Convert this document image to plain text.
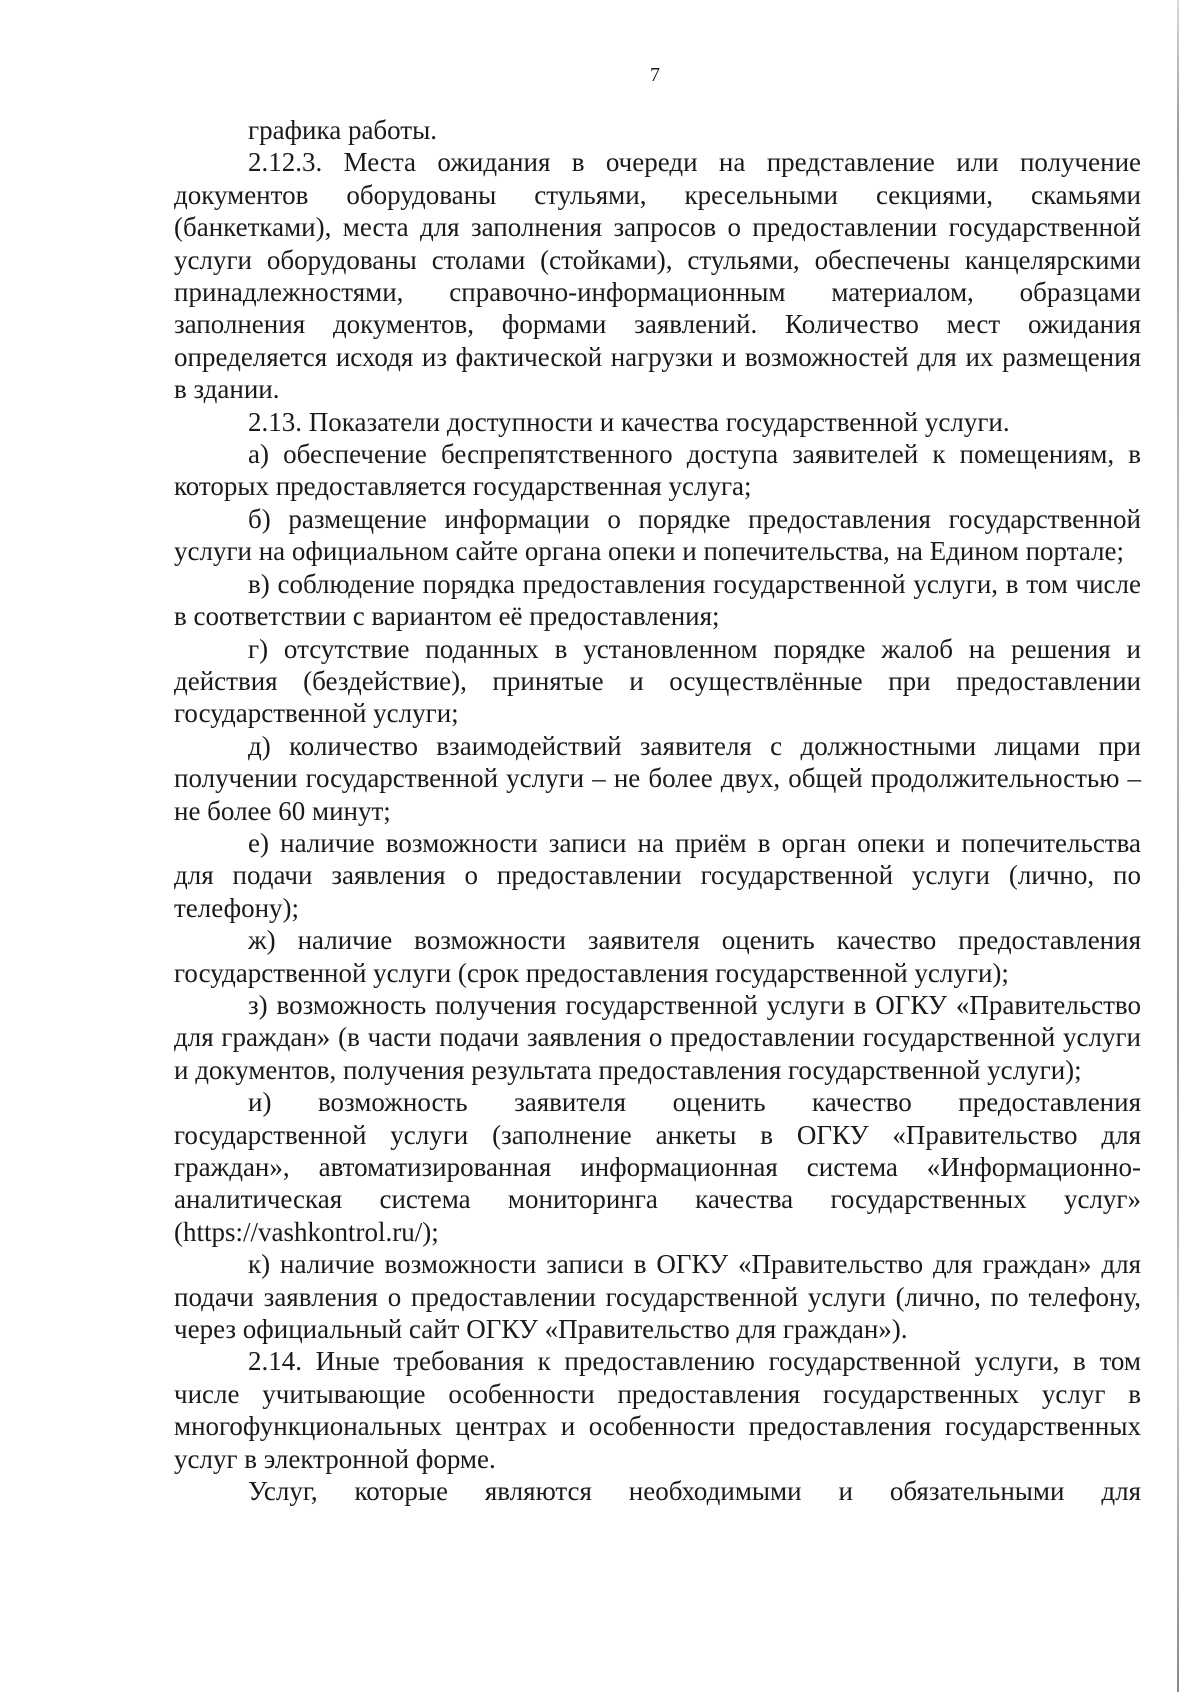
7

графика работы.

2.12.3. Места ожидания в очереди на представление или получение документов оборудованы стульями, кресельными секциями, скамьями (банкетками), места для заполнения запросов о предоставлении государственной услуги оборудованы столами (стойками), стульями, обеспечены канцелярскими принадлежностями, справочно-информационным материалом, образцами заполнения документов, формами заявлений. Количество мест ожидания определяется исходя из фактической нагрузки и возможностей для их размещения в здании.

2.13. Показатели доступности и качества государственной услуги.

а) обеспечение беспрепятственного доступа заявителей к помещениям, в которых предоставляется государственная услуга;

б) размещение информации о порядке предоставления государственной услуги на официальном сайте органа опеки и попечительства, на Едином портале;

в) соблюдение порядка предоставления государственной услуги, в том числе в соответствии с вариантом её предоставления;

г) отсутствие поданных в установленном порядке жалоб на решения и действия (бездействие), принятые и осуществлённые при предоставлении государственной услуги;

д) количество взаимодействий заявителя с должностными лицами при получении государственной услуги – не более двух, общей продолжительностью – не более 60 минут;

е) наличие возможности записи на приём в орган опеки и попечительства для подачи заявления о предоставлении государственной услуги (лично, по телефону);

ж) наличие возможности заявителя оценить качество предоставления государственной услуги (срок предоставления государственной услуги);

з) возможность получения государственной услуги в ОГКУ «Правительство для граждан» (в части подачи заявления о предоставлении государственной услуги и документов, получения результата предоставления государственной услуги);

и) возможность заявителя оценить качество предоставления государственной услуги (заполнение анкеты в ОГКУ «Правительство для граждан», автоматизированная информационная система «Информационно-аналитическая система мониторинга качества государственных услуг» (https://vashkontrol.ru/);

к) наличие возможности записи в ОГКУ «Правительство для граждан» для подачи заявления о предоставлении государственной услуги (лично, по телефону, через официальный сайт ОГКУ «Правительство для граждан»).

2.14. Иные требования к предоставлению государственной услуги, в том числе учитывающие особенности предоставления государственных услуг в многофункциональных центрах и особенности предоставления государственных услуг в электронной форме.

Услуг, которые являются необходимыми и обязательными для
